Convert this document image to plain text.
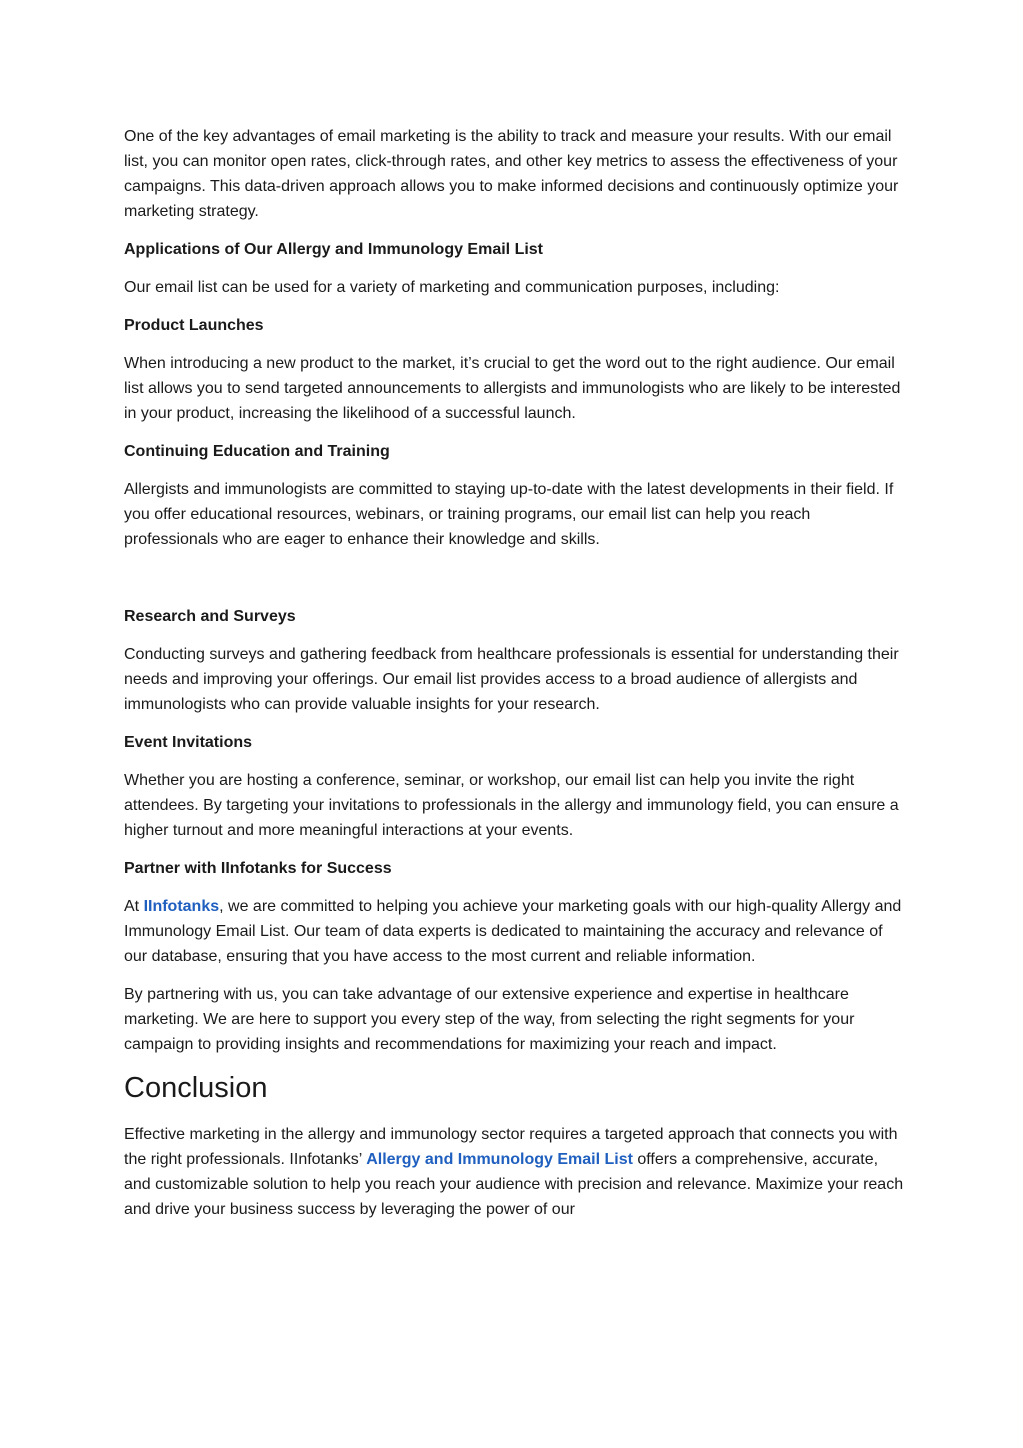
One of the key advantages of email marketing is the ability to track and measure your results. With our email list, you can monitor open rates, click-through rates, and other key metrics to assess the effectiveness of your campaigns. This data-driven approach allows you to make informed decisions and continuously optimize your marketing strategy.

Applications of Our Allergy and Immunology Email List

Our email list can be used for a variety of marketing and communication purposes, including:

Product Launches

When introducing a new product to the market, it’s crucial to get the word out to the right audience. Our email list allows you to send targeted announcements to allergists and immunologists who are likely to be interested in your product, increasing the likelihood of a successful launch.

Continuing Education and Training

Allergists and immunologists are committed to staying up-to-date with the latest developments in their field. If you offer educational resources, webinars, or training programs, our email list can help you reach professionals who are eager to enhance their knowledge and skills.

Research and Surveys

Conducting surveys and gathering feedback from healthcare professionals is essential for understanding their needs and improving your offerings. Our email list provides access to a broad audience of allergists and immunologists who can provide valuable insights for your research.

Event Invitations

Whether you are hosting a conference, seminar, or workshop, our email list can help you invite the right attendees. By targeting your invitations to professionals in the allergy and immunology field, you can ensure a higher turnout and more meaningful interactions at your events.

Partner with IInfotanks for Success

At IInfotanks, we are committed to helping you achieve your marketing goals with our high-quality Allergy and Immunology Email List. Our team of data experts is dedicated to maintaining the accuracy and relevance of our database, ensuring that you have access to the most current and reliable information.

By partnering with us, you can take advantage of our extensive experience and expertise in healthcare marketing. We are here to support you every step of the way, from selecting the right segments for your campaign to providing insights and recommendations for maximizing your reach and impact.

Conclusion

Effective marketing in the allergy and immunology sector requires a targeted approach that connects you with the right professionals. IInfotanks’ Allergy and Immunology Email List offers a comprehensive, accurate, and customizable solution to help you reach your audience with precision and relevance. Maximize your reach and drive your business success by leveraging the power of our
